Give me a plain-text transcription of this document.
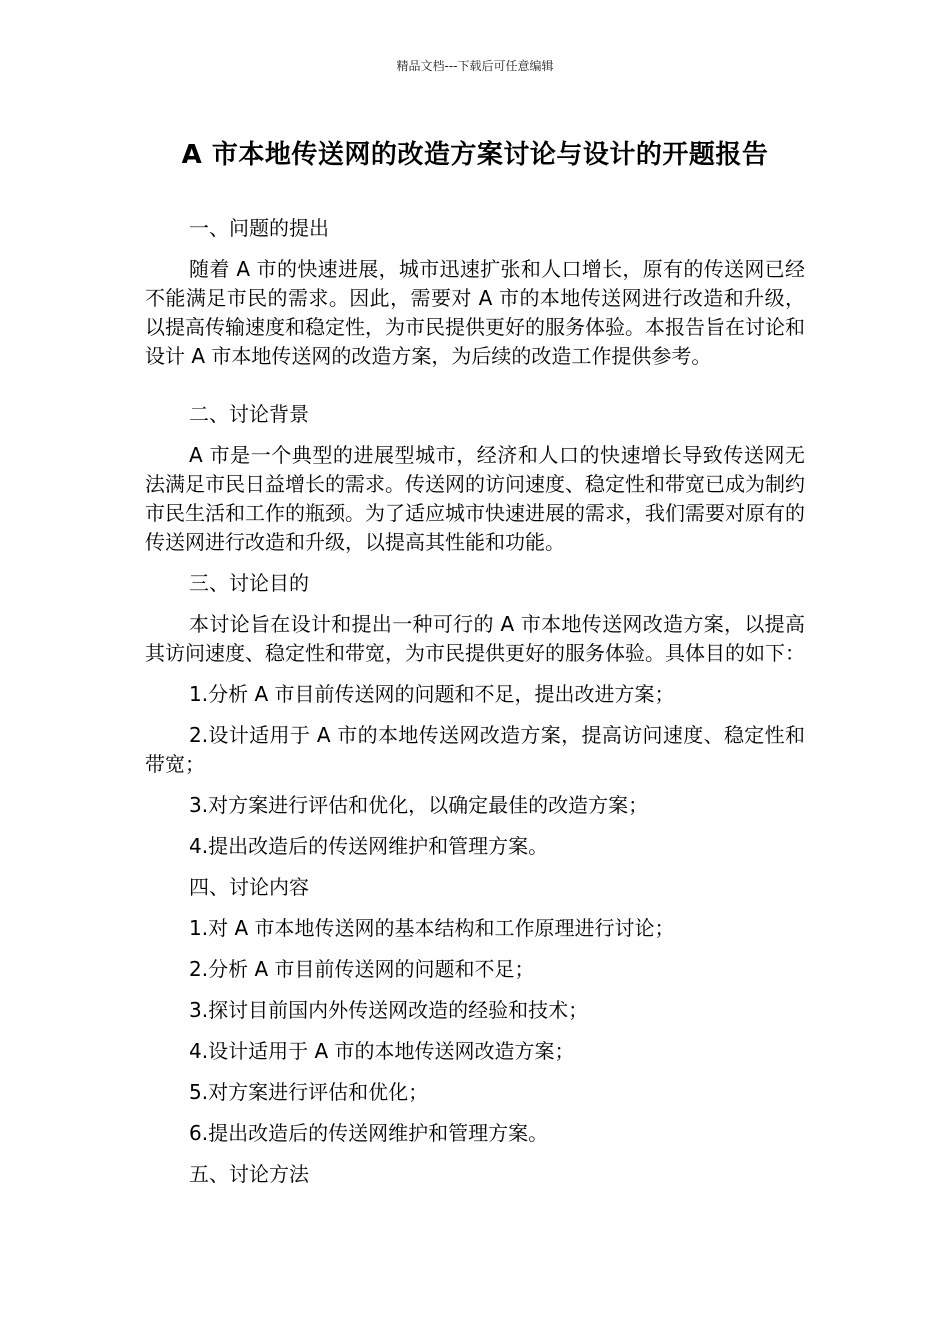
精品文档---下载后可任意编辑
A 市本地传送网的改造方案讨论与设计的开题报告

一、问题的提出

随着 A 市的快速进展，城市迅速扩张和人口增长，原有的传送网已经不能满足市民的需求。因此，需要对 A 市的本地传送网进行改造和升级，以提高传输速度和稳定性，为市民提供更好的服务体验。本报告旨在讨论和设计 A 市本地传送网的改造方案，为后续的改造工作提供参考。

二、讨论背景

A 市是一个典型的进展型城市，经济和人口的快速增长导致传送网无法满足市民日益增长的需求。传送网的访问速度、稳定性和带宽已成为制约市民生活和工作的瓶颈。为了适应城市快速进展的需求，我们需要对原有的传送网进行改造和升级，以提高其性能和功能。

三、讨论目的

本讨论旨在设计和提出一种可行的 A 市本地传送网改造方案，以提高其访问速度、稳定性和带宽，为市民提供更好的服务体验。具体目的如下：

1.分析 A 市目前传送网的问题和不足，提出改进方案；

2.设计适用于 A 市的本地传送网改造方案，提高访问速度、稳定性和带宽；

3.对方案进行评估和优化，以确定最佳的改造方案；

4.提出改造后的传送网维护和管理方案。

四、讨论内容

1.对 A 市本地传送网的基本结构和工作原理进行讨论；

2.分析 A 市目前传送网的问题和不足；

3.探讨目前国内外传送网改造的经验和技术；

4.设计适用于 A 市的本地传送网改造方案；

5.对方案进行评估和优化；

6.提出改造后的传送网维护和管理方案。

五、讨论方法
